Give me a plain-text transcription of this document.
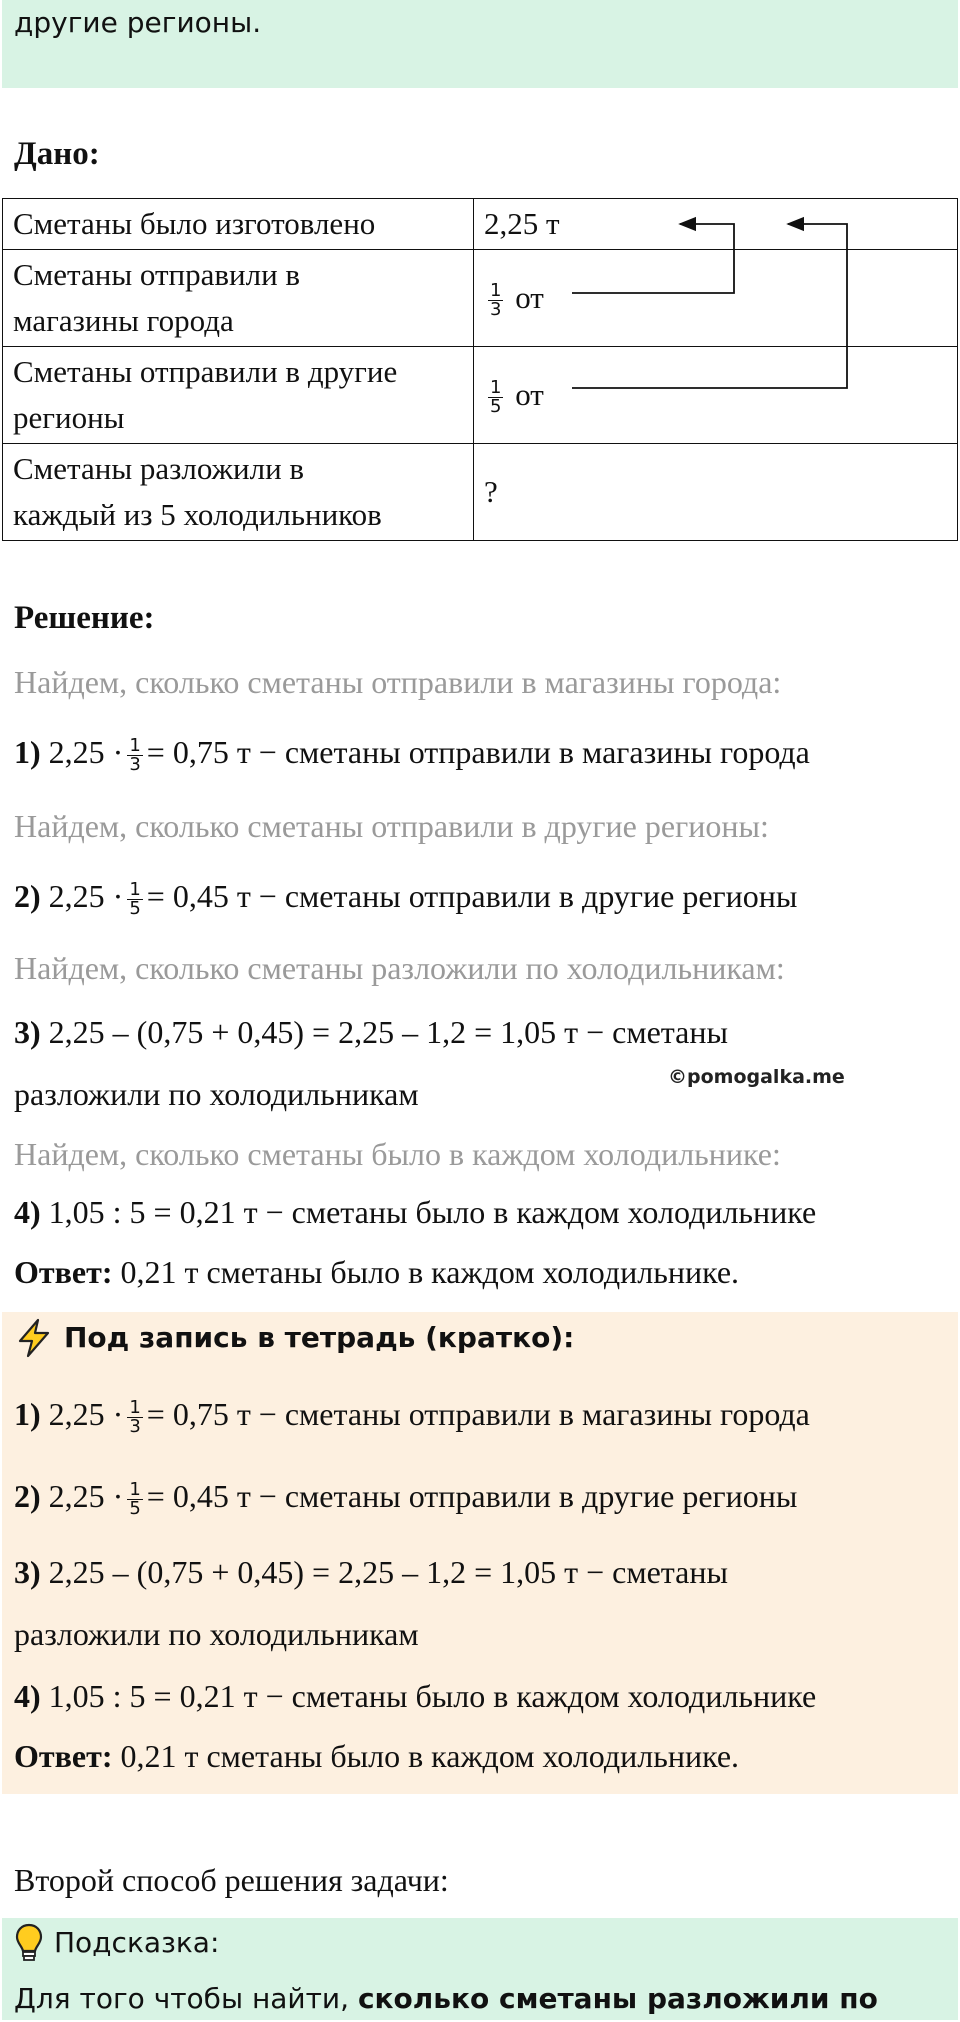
другие регионы.
Дано:
Сметаны было изготовлено	2,25 т
Сметаны отправили в
магазины города	$\frac{1}{3}$ от
Сметаны отправили в другие
регионы	$\frac{1}{5}$ от
Сметаны разложили в
каждый из 5 холодильников	?
Решение:
Найдем, сколько сметаны отправили в магазины города:
1) $2,25 \cdot \frac{1}{3} = 0,75$ т − сметаны отправили в магазины города
Найдем, сколько сметаны отправили в другие регионы:
2) $2,25 \cdot \frac{1}{5} = 0,45$ т − сметаны отправили в другие регионы
Найдем, сколько сметаны разложили по холодильникам:
3) 2,25 – (0,75 + 0,45) = 2,25 – 1,2 = 1,05 т − сметаны
разложили по холодильникам	©pomogalka.me
Найдем, сколько сметаны было в каждом холодильнике:
4) 1,05 : 5 = 0,21 т − сметаны было в каждом холодильнике
Ответ: 0,21 т сметаны было в каждом холодильнике.
Под запись в тетрадь (кратко):
1) $2,25 \cdot \frac{1}{3} = 0,75$ т − сметаны отправили в магазины города
2) $2,25 \cdot \frac{1}{5} = 0,45$ т − сметаны отправили в другие регионы
3) 2,25 – (0,75 + 0,45) = 2,25 – 1,2 = 1,05 т − сметаны
разложили по холодильникам
4) 1,05 : 5 = 0,21 т − сметаны было в каждом холодильнике
Ответ: 0,21 т сметаны было в каждом холодильнике.
Второй способ решения задачи:
Подсказка:
Для того чтобы найти, сколько сметаны разложили по
